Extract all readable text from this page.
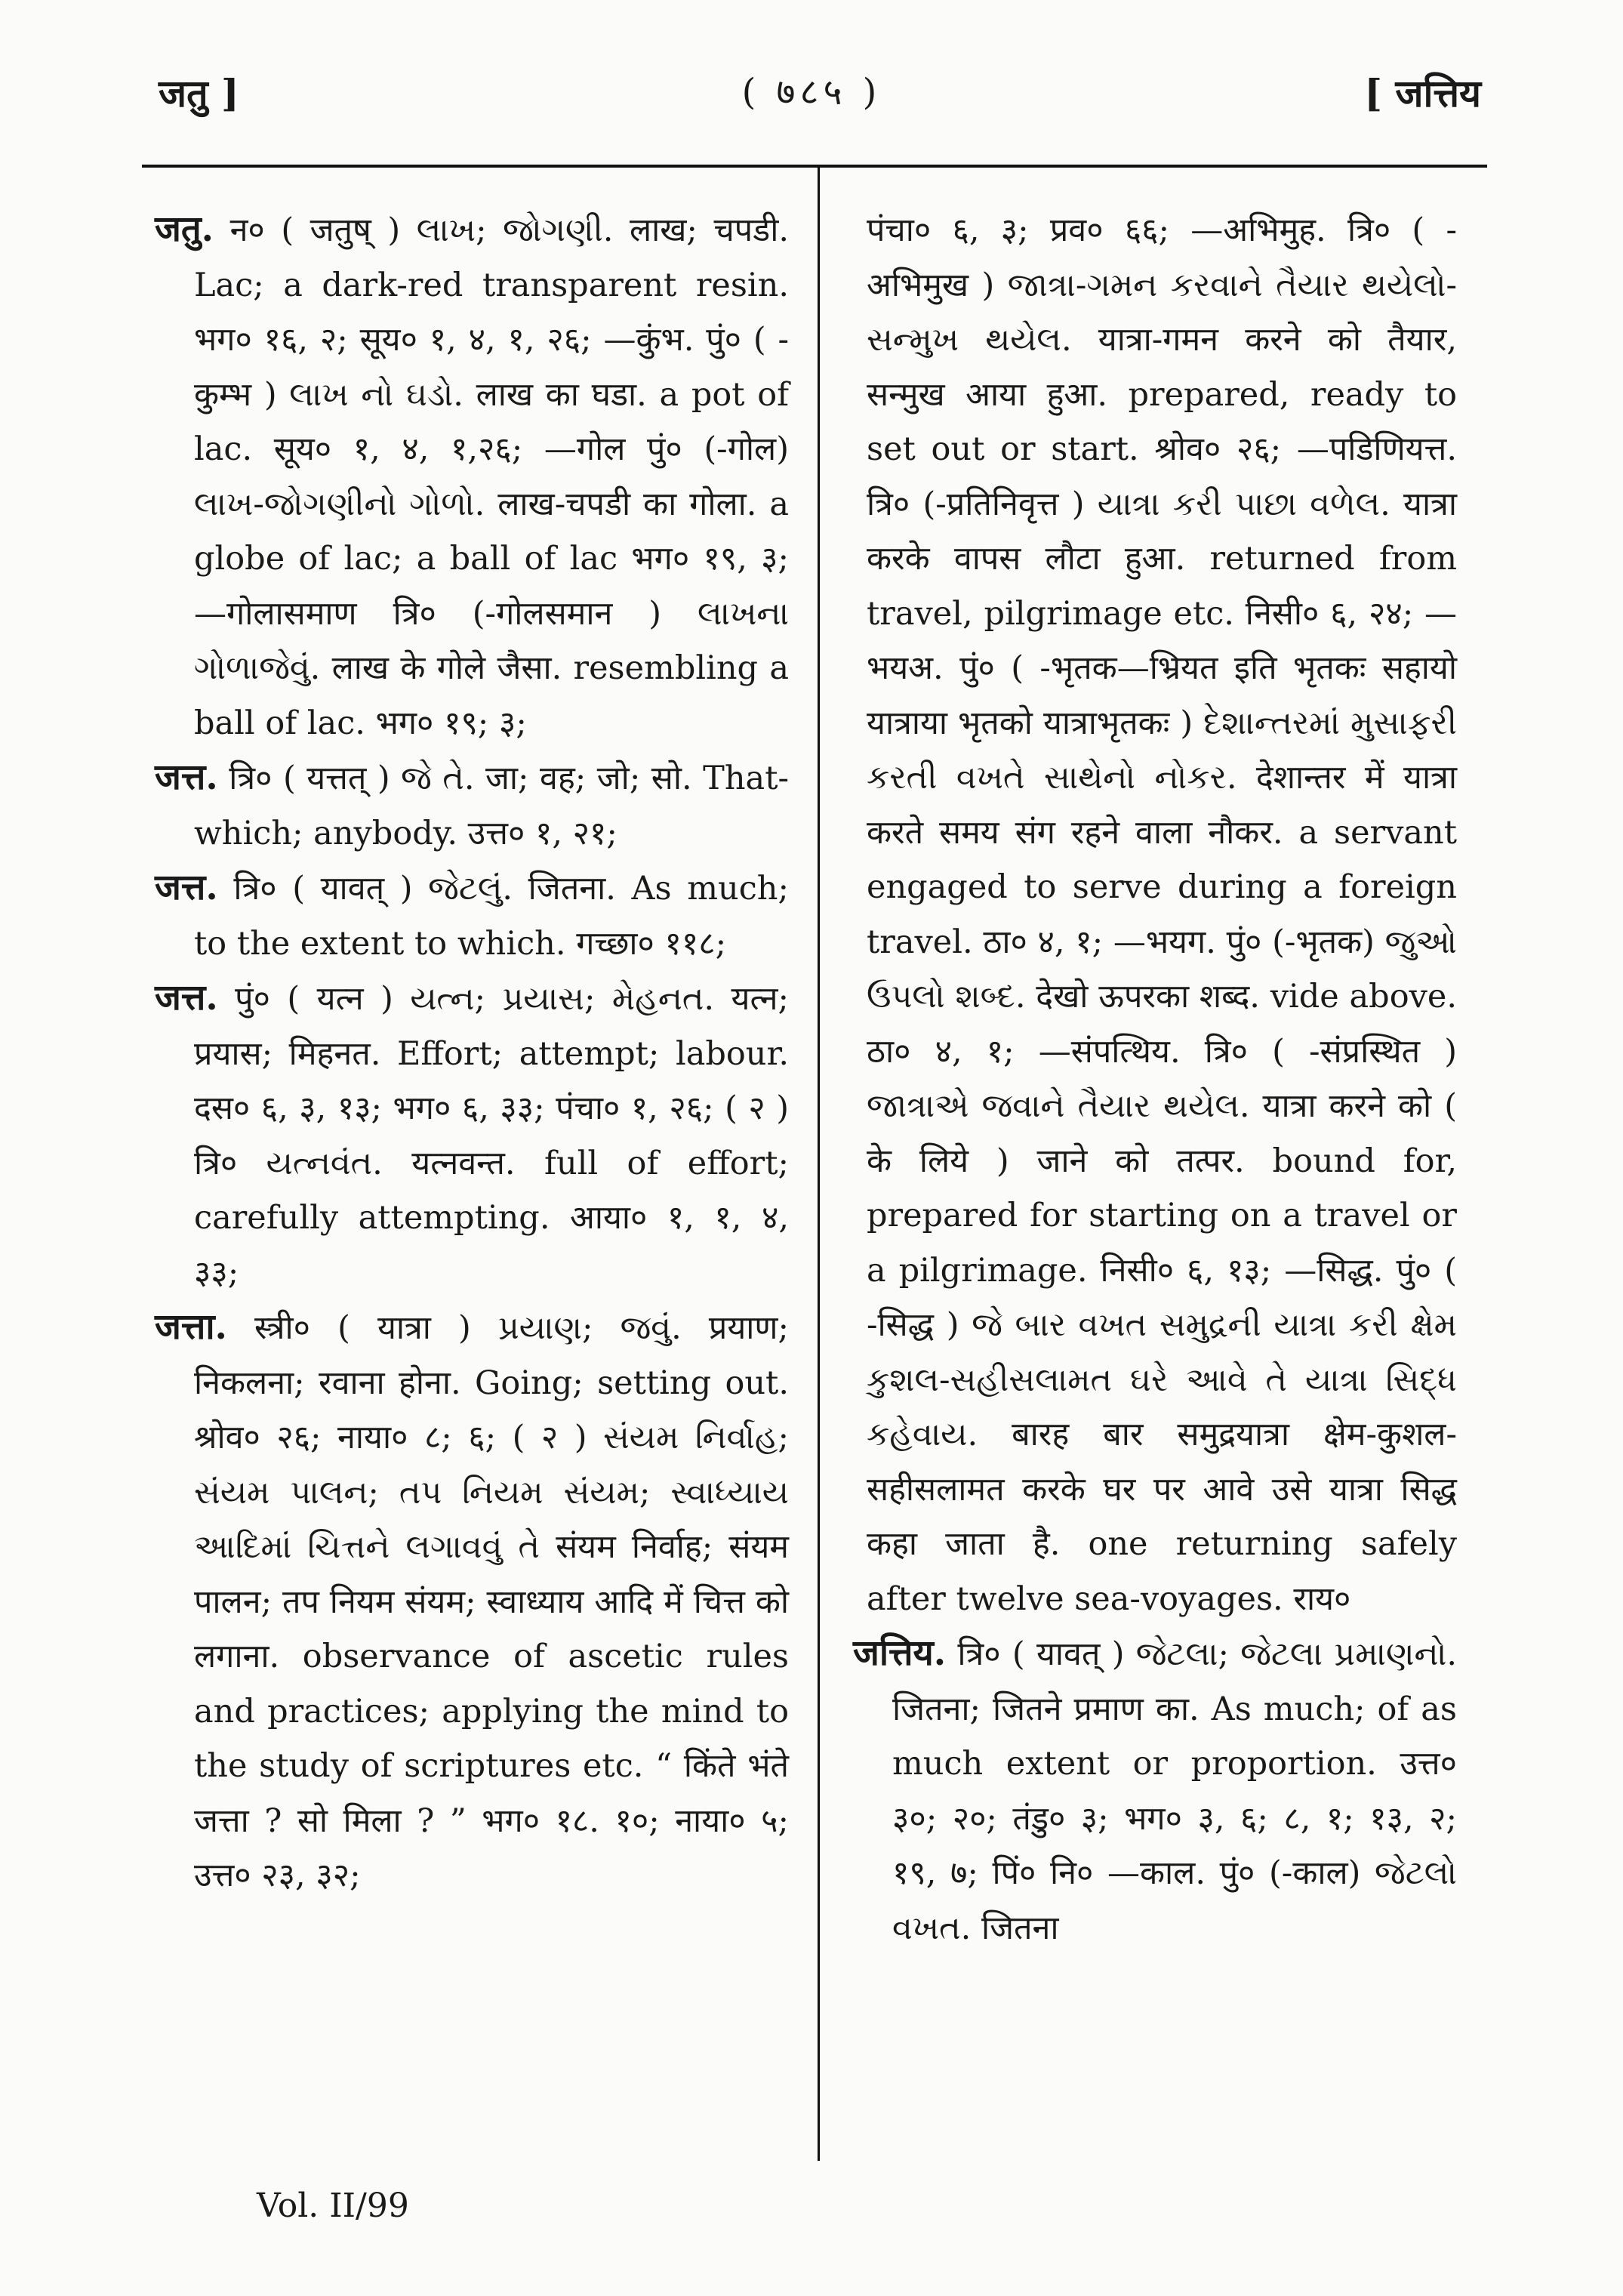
जतु ]	( ७८५ )	[ जत्तिय

जतु. न० ( जतुष् ) લાખ; જોગણી. लाख; चपडी. Lac; a dark-red transparent resin. भग० १६, २; सूय० १, ४, १, २६; —कुंभ. पुं० ( -कुम्भ ) લાખ નો ઘડો. लाख का घडा. a pot of lac. सूय० १, ४, १,२६; —गोल पुं० (-गोल) લાખ-જોગણીનો ગોળો. लाख-चपडी का गोला. a globe of lac; a ball of lac भग० १९, ३; —गोलासमाण त्रि० (-गोलसमान ) લાખના ગોળાજેવું. लाख के गोले जैसा. resembling a ball of lac. भग० १९; ३;

जत्त. त्रि० ( यत्तत् ) જે તે. जा; वह; जो; सो. That-which; anybody. उत्त० १, २१;

जत्त. त्रि० ( यावत् ) જેટલું. जितना. As much; to the extent to which. गच्छा० ११८;

जत्त. पुं० ( यत्न ) યત્ન; પ્રયાસ; મેહનત. यत्न; प्रयास; मिहनत. Effort; attempt; labour. दस० ६, ३, १३; भग० ६, ३३; पंचा० १, २६; ( २ ) त्रि० યત્નવંત. यत्नवन्त. full of effort; carefully attempting. आया० १, १, ४, ३३;

जत्ता. स्त्री० ( यात्रा ) પ્રયાણ; જવું. प्रयाण; निकलना; रवाना होना. Going; setting out. श्रोव० २६; नाया० ८; ६; ( २ ) સંયમ નિર્વાહ; સંયમ પાલન; તપ નિયમ સંયમ; સ્વાધ્યાય આદિમાં ચિત્તને લગાવવું તે संयम निर्वाह; संयम पालन; तप नियम संयम; स्वाध्याय आदि में चित्त को लगाना. observance of ascetic rules and practices; applying the mind to the study of scriptures etc. “ किंते भंते जत्ता ? सो मिला ? ” भग० १८. १०; नाया० ५; उत्त० २३, ३२;

पंचा० ६, ३; प्रव० ६६; —अभिमुह. त्रि० ( -अभिमुख ) જાત્રા-ગમન કરવાને તૈયાર થયેલો-સન્મુખ થયેલ. यात्रा-गमन करने को तैयार, सन्मुख आया हुआ. prepared, ready to set out or start. श्रोव० २६; —पडिणियत्त. त्रि० (-प्रतिनिवृत्त ) યાત્રા કરી પાછા વળેલ. यात्रा करके वापस लौटा हुआ. returned from travel, pilgrimage etc. निसी० ६, २४; —भयअ. पुं० ( -भृतक—भ्रियत इति भृतकः सहायो यात्राया भृतको यात्राभृतकः ) દેશાન્તરમાં મુસાફરી કરતી વખતે સાથેનો નોકર. देशान्तर में यात्रा करते समय संग रहने वाला नौकर. a servant engaged to serve during a foreign travel. ठा० ४, १; —भयग. पुं० (-भृतक) જુઓ ઉપલો શબ્દ. देखो ऊपरका शब्द. vide above. ठा० ४, १; —संपत्थिय. त्रि० ( -संप्रस्थित ) જાત્રાએ જવાને તૈયાર થયેલ. यात्रा करने को ( के लिये ) जाने को तत्पर. bound for, prepared for starting on a travel or a pilgrimage. निसी० ६, १३; —सिद्ध. पुं० ( -सिद्ध ) જે બાર વખત સમુદ્રની યાત્રા કરી ક્ષેમ કુશલ-સહીસલામત ઘરે આવે તે યાત્રા સિદ્ધ કહેવાય. बारह बार समुद्रयात्रा क्षेम-कुशल-सहीसलामत करके घर पर आवे उसे यात्रा सिद्ध कहा जाता है. one returning safely after twelve sea-voyages. राय०

जत्तिय. त्रि० ( यावत् ) જેટલા; જેટલા પ્રમાણનો. जितना; जितने प्रमाण का. As much; of as much extent or proportion. उत्त० ३०; २०; तंडु० ३; भग० ३, ६; ८, १; १३, २; १९, ७; पिं० नि० —काल. पुं० (-काल) જેટલો વખત. जितना

Vol. II/99
